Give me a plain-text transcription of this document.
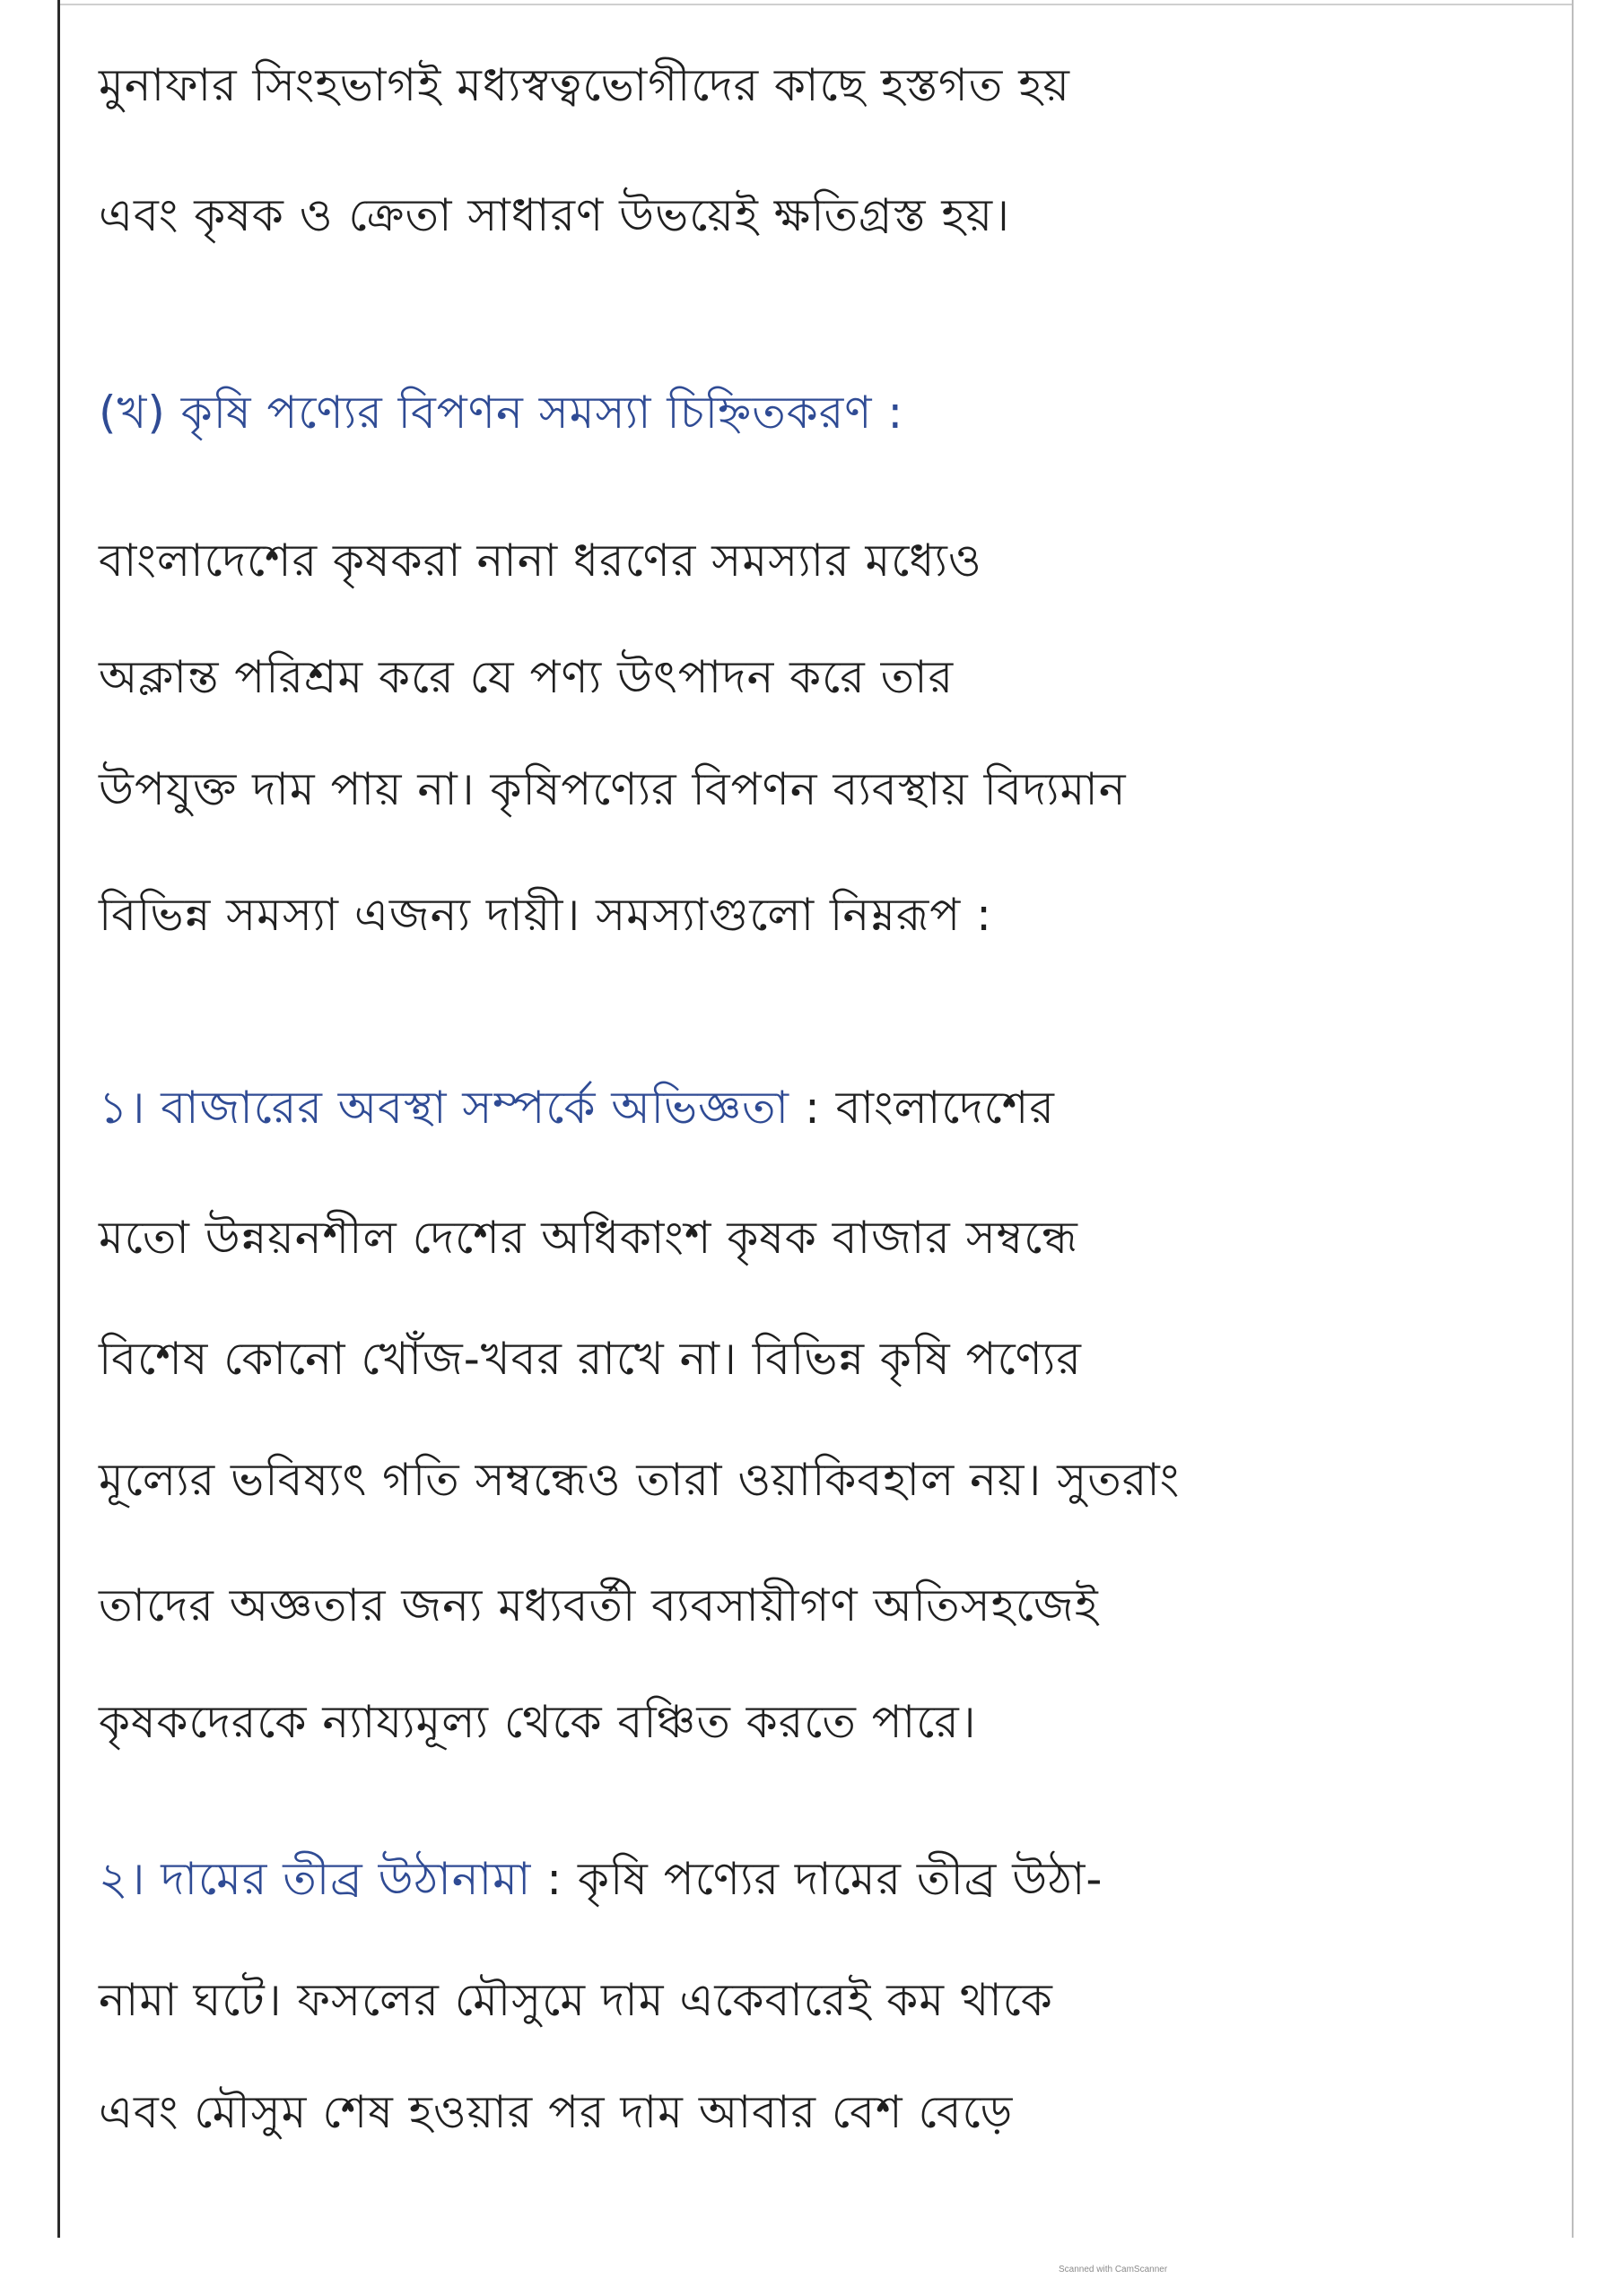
মুনাফার সিংহভাগই মধ্যস্বত্বভোগীদের কাছে হস্তগত হয়
এবং কৃষক ও ক্রেতা সাধারণ উভয়েই ক্ষতিগ্রস্ত হয়।
(খ) কৃষি পণ্যের বিপণন সমস্যা চিহ্নিতকরণ :
বাংলাদেশের কৃষকরা নানা ধরণের সমস্যার মধ্যেও
অক্লান্ত পরিশ্রম করে যে পণ্য উৎপাদন করে তার
উপযুক্ত দাম পায় না। কৃষিপণ্যের বিপণন ব্যবস্থায় বিদ্যমান
বিভিন্ন সমস্যা এজন্য দায়ী। সমস্যাগুলো নিম্নরূপ :
১। বাজারের অবস্থা সম্পর্কে অভিজ্ঞতা : বাংলাদেশের
মতো উন্নয়নশীল দেশের অধিকাংশ কৃষক বাজার সম্বন্ধে
বিশেষ কোনো খোঁজ-খবর রাখে না। বিভিন্ন কৃষি পণ্যের
মূল্যের ভবিষ্যৎ গতি সম্বন্ধেও তারা ওয়াকিবহাল নয়। সুতরাং
তাদের অজ্ঞতার জন্য মধ্যবর্তী ব্যবসায়ীগণ অতিসহজেই
কৃষকদেরকে ন্যায্যমূল্য থেকে বঞ্চিত করতে পারে।
২। দামের তীব্র উঠানামা : কৃষি পণ্যের দামের তীব্র উঠা-
নামা ঘটে। ফসলের মৌসুমে দাম একেবারেই কম থাকে
এবং মৌসুম শেষ হওয়ার পর দাম আবার বেশ বেড়ে
Scanned with CamScanner
